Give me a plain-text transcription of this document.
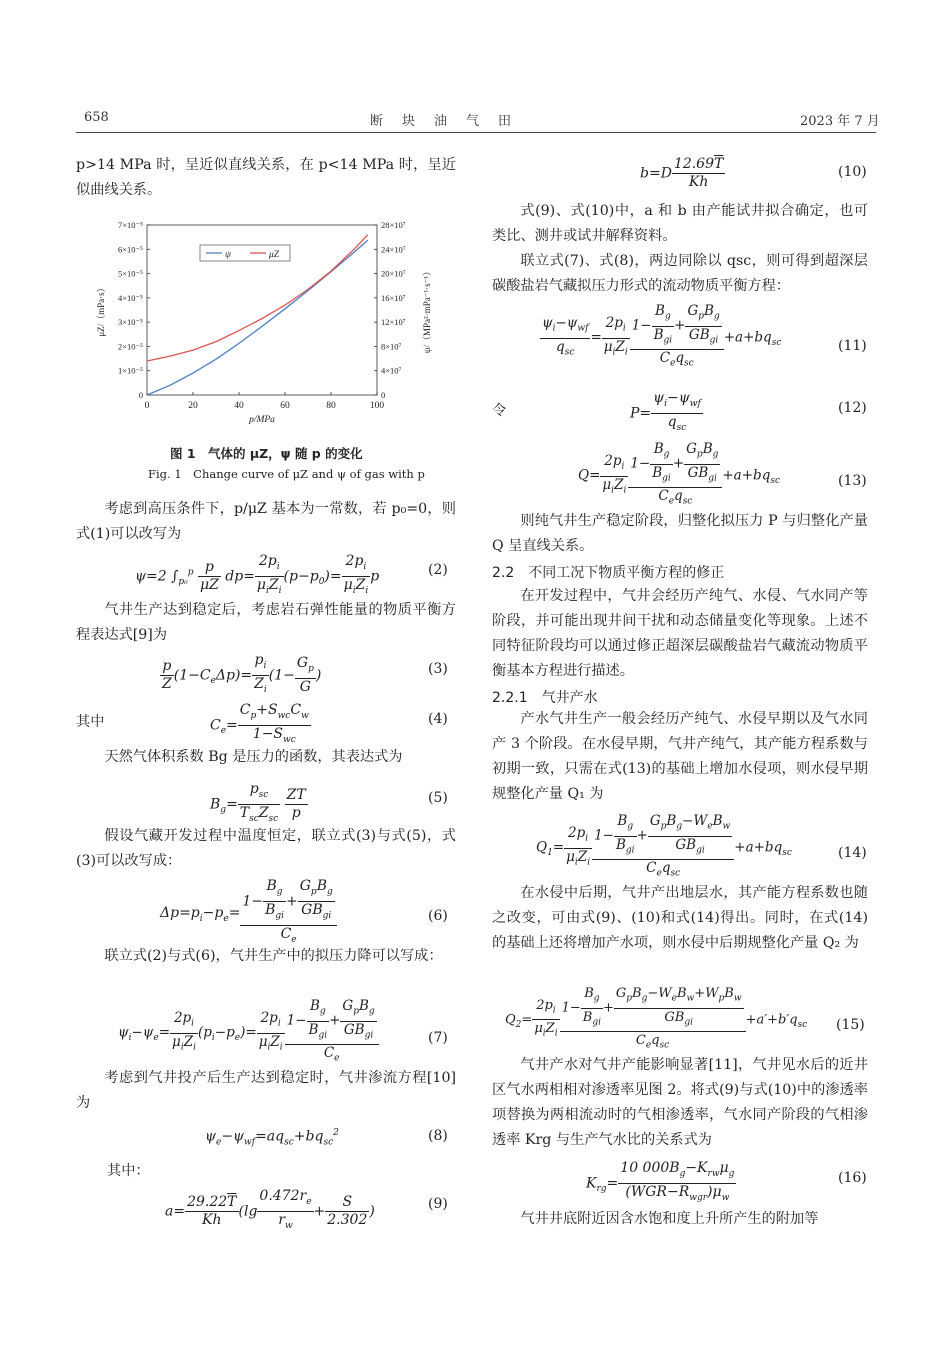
658	断　块　油　气　田	2023 年 7 月

p>14 MPa 时，呈近似直线关系，在 p<14 MPa 时，呈近似曲线关系。

0	20	40	60	80	100
0
1×10⁻⁵
2×10⁻⁵
3×10⁻⁵
4×10⁻⁵
5×10⁻⁵
6×10⁻⁵
7×10⁻⁵
0
4×10⁷
8×10⁷
12×10⁷
16×10⁷
20×10⁷
24×10⁷
28×10⁷
p/MPa
μZ/（mPa·s）	ψ/（MPa²·mPa⁻¹·s⁻¹）
ψ	μZ
图 1　气体的 μZ，ψ 随 p 的变化
Fig. 1　Change curve of μZ and ψ of gas with p

考虑到高压条件下，p/μZ 基本为一常数，若 p₀=0，则式(1)可以改写为

ψ=2 $\int_{p_0}^p \frac{p}{\mu Z} dp= \frac{2p_i}{\mu_iZ_i} (p-p_0)= \frac{2p_i}{\mu_iZ_i}$ p	(2)

气井生产达到稳定后，考虑岩石弹性能量的物质平衡方程表达式[9]为

$\frac{p}{Z} (1-C_e\Delta p)= \frac{p_i}{Z_i} (1- \frac{G_p}{G}$ )	(3)
其中	$C_e= \frac{C_p+S_{wc}C_w}{1-S_{wc}}$	(4)

天然气体积系数 Bg 是压力的函数，其表达式为

$B_g= \frac{p_{sc}}{T_{sc}Z_{sc}}$
$\frac{ZT}{p}$	(5)

假设气藏开发过程中温度恒定，联立式(3)与式(5)，式(3)可以改写成：

$\Delta p=p_i-p_e= \frac{1- \frac{B_g}{B_{gi}} + \frac{G_pB_g}{GB_{gi}}}{C_e}$	(6)

联立式(2)与式(6)，气井生产中的拟压力降可以写成：

$\psi_i-\psi_e= \frac{2p_i}{\mu_iZ_i} (p_i-p_e)= \frac{2p_i}{\mu_iZ_i} \frac{1- \frac{B_g}{B_{gi}} + \frac{G_pB_g}{GB_{gi}}}{C_e}$	(7)

考虑到气井投产后生产达到稳定时，气井渗流方程[10]为

$\psi_e-\psi_{wf}=aq_{sc}+bq_{sc}^2$	(8)
其中：
$a= \frac{29.22\overline{T}}{Kh} (\lg \frac{0.472r_e}{r_w} + \frac{S}{2.302}$ )	(9)
$b=D \frac{12.69\overline{T}}{Kh}$	(10)

式(9)、式(10)中，a 和 b 由产能试井拟合确定，也可类比、测井或试井解释资料。

联立式(7)、式(8)，两边同除以 qsc，则可得到超深层碳酸盐岩气藏拟压力形式的流动物质平衡方程：

$\frac{\psi_i-\psi_{wf}}{q_{sc}} = \frac{2p_i}{\mu_iZ_i} \frac{1- \frac{B_g}{B_{gi}} + \frac{G_pB_g}{GB_{gi}}}{C_eq_{sc}} +a+bq_{sc}$	(11)
令	$P= \frac{\psi_i-\psi_{wf}}{q_{sc}}$	(12)
$Q= \frac{2p_i}{\mu_iZ_i} \frac{1- \frac{B_g}{B_{gi}} + \frac{G_pB_g}{GB_{gi}}}{C_eq_{sc}} +a+bq_{sc}$	(13)

则纯气井生产稳定阶段，归整化拟压力 P 与归整化产量 Q 呈直线关系。

2.2　不同工况下物质平衡方程的修正

在开发过程中，气井会经历产纯气、水侵、气水同产等阶段，并可能出现井间干扰和动态储量变化等现象。上述不同特征阶段均可以通过修正超深层碳酸盐岩气藏流动物质平衡基本方程进行描述。

2.2.1　气井产水

产水气井生产一般会经历产纯气、水侵早期以及气水同产 3 个阶段。在水侵早期，气井产纯气，其产能方程系数与初期一致，只需在式(13)的基础上增加水侵项，则水侵早期规整化产量 Q₁ 为

$Q_1= \frac{2p_i}{\mu_iZ_i} \frac{1- \frac{B_g}{B_{gi}} + \frac{G_pB_g-W_eB_w}{GB_{gi}}}{C_eq_{sc}} +a+bq_{sc}$	(14)

在水侵中后期，气井产出地层水，其产能方程系数也随之改变，可由式(9)、(10)和式(14)得出。同时，在式(14)的基础上还将增加产水项，则水侵中后期规整化产量 Q₂ 为

$Q_2= \frac{2p_i}{\mu_iZ_i} \frac{1- \frac{B_g}{B_{gi}} + \frac{G_pB_g-W_eB_w+W_pB_w}{GB_{gi}}}{C_eq_{sc}} +a'+b'q_{sc}$ (15)

气井产水对气井产能影响显著[11]，气井见水后的近井区气水两相相对渗透率见图 2。将式(9)与式(10)中的渗透率项替换为两相流动时的气相渗透率，气水同产阶段的气相渗透率 Krg 与生产气水比的关系式为

$K_{rg}= \frac{10 000B_g-K_{rw}\mu_g}{(WGR-R_{wgr})\mu_w}$	(16)

气井井底附近因含水饱和度上升所产生的附加等
